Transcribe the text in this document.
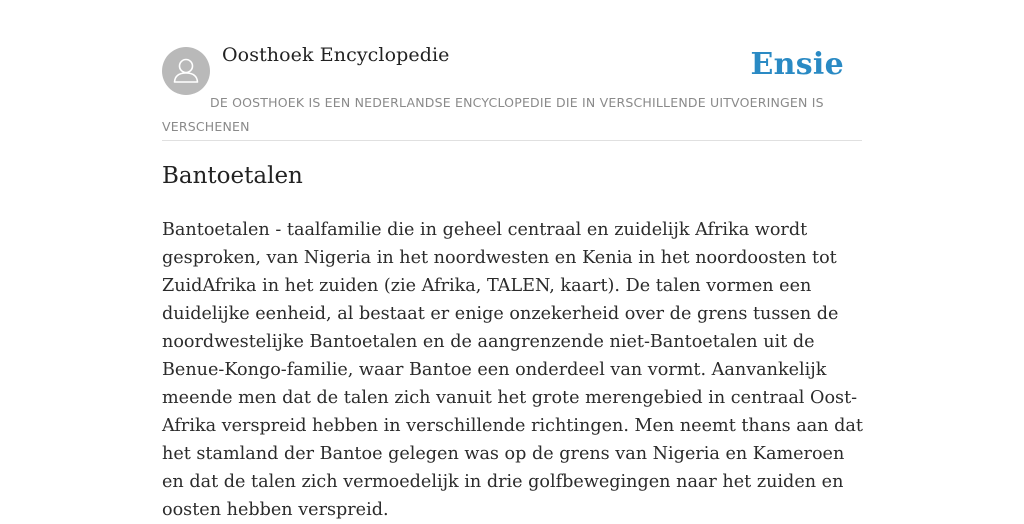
Oosthoek Encyclopedie	Ensie
DE OOSTHOEK IS EEN NEDERLANDSE ENCYCLOPEDIE DIE IN VERSCHILLENDE UITVOERINGEN IS VERSCHENEN
Bantoetalen

Bantoetalen - taalfamilie die in geheel centraal en zuidelijk Afrika wordt gesproken, van Nigeria in het noordwesten en Kenia in het noordoosten tot ZuidAfrika in het zuiden (zie Afrika, TALEN, kaart). De talen vormen een duidelijke eenheid, al bestaat er enige onzekerheid over de grens tussen de noordwestelijke Bantoetalen en de aangrenzende niet-Bantoetalen uit de Benue-Kongo-familie, waar Bantoe een onderdeel van vormt. Aanvankelijk meende men dat de talen zich vanuit het grote merengebied in centraal Oost-Afrika verspreid hebben in verschillende richtingen. Men neemt thans aan dat het stamland der Bantoe gelegen was op de grens van Nigeria en Kameroen en dat de talen zich vermoedelijk in drie golfbewegingen naar het zuiden en oosten hebben verspreid.
